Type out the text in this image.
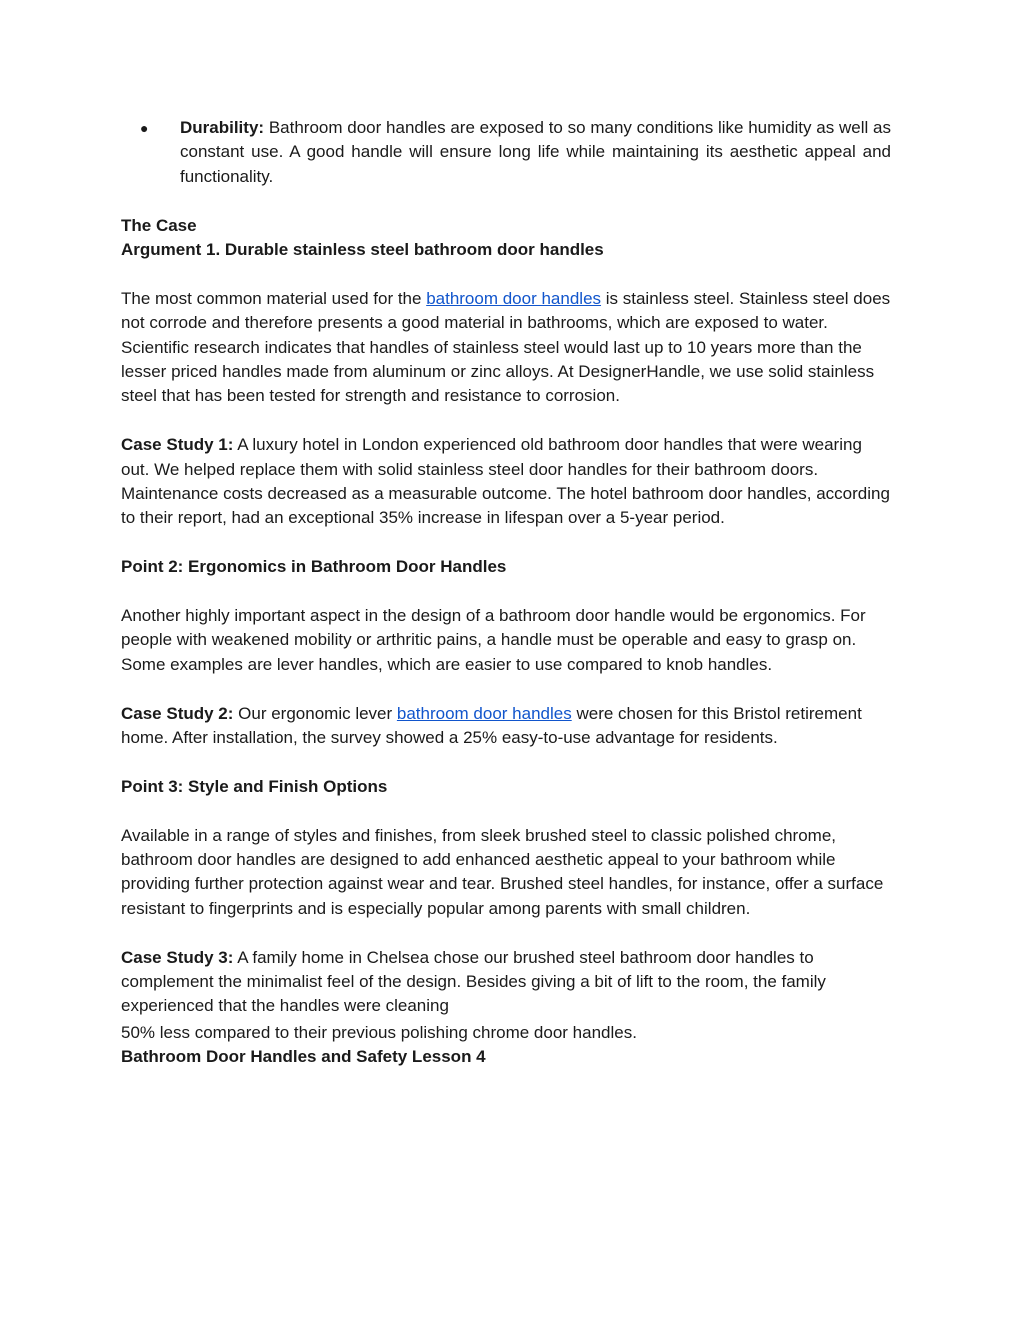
● Durability: Bathroom door handles are exposed to so many conditions like humidity as well as constant use. A good handle will ensure long life while maintaining its aesthetic appeal and functionality.

The Case

Argument 1. Durable stainless steel bathroom door handles

The most common material used for the bathroom door handles is stainless steel. Stainless steel does not corrode and therefore presents a good material in bathrooms, which are exposed to water. Scientific research indicates that handles of stainless steel would last up to 10 years more than the lesser priced handles made from aluminum or zinc alloys. At DesignerHandle, we use solid stainless steel that has been tested for strength and resistance to corrosion.

Case Study 1: A luxury hotel in London experienced old bathroom door handles that were wearing out. We helped replace them with solid stainless steel door handles for their bathroom doors. Maintenance costs decreased as a measurable outcome. The hotel bathroom door handles, according to their report, had an exceptional 35% increase in lifespan over a 5-year period.

Point 2: Ergonomics in Bathroom Door Handles

Another highly important aspect in the design of a bathroom door handle would be ergonomics. For people with weakened mobility or arthritic pains, a handle must be operable and easy to grasp on. Some examples are lever handles, which are easier to use compared to knob handles.

Case Study 2: Our ergonomic lever bathroom door handles were chosen for this Bristol retirement home. After installation, the survey showed a 25% easy-to-use advantage for residents.

Point 3: Style and Finish Options

Available in a range of styles and finishes, from sleek brushed steel to classic polished chrome, bathroom door handles are designed to add enhanced aesthetic appeal to your bathroom while providing further protection against wear and tear. Brushed steel handles, for instance, offer a surface resistant to fingerprints and is especially popular among parents with small children.

Case Study 3: A family home in Chelsea chose our brushed steel bathroom door handles to complement the minimalist feel of the design. Besides giving a bit of lift to the room, the family experienced that the handles were cleaning

50% less compared to their previous polishing chrome door handles.

Bathroom Door Handles and Safety Lesson 4
